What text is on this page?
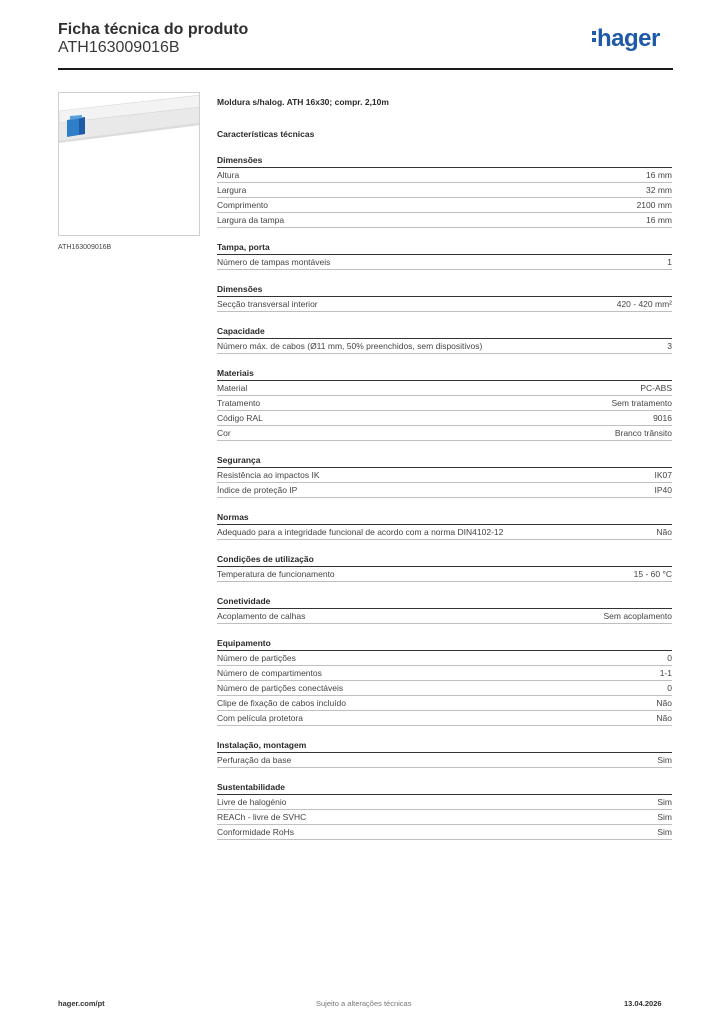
Ficha técnica do produto
ATH163009016B	hager
ATH163009016B
Moldura s/halog. ATH 16x30; compr. 2,10m
Características técnicas
Dimensões
Altura	16 mm
Largura	32 mm
Comprimento	2100 mm
Largura da tampa	16 mm
Tampa, porta
Número de tampas montáveis	1
Dimensões
Secção transversal interior	420 - 420 mm²
Capacidade
Número máx. de cabos (Ø11 mm, 50% preenchidos, sem dispositivos)	3
Materiais
Material	PC-ABS
Tratamento	Sem tratamento
Código RAL	9016
Cor	Branco trânsito
Segurança
Resistência ao impactos IK	IK07
Índice de proteção IP	IP40
Normas
Adequado para a integridade funcional de acordo com a norma DIN4102-12	Não
Condições de utilização
Temperatura de funcionamento	15 - 60 °C
Conetividade
Acoplamento de calhas	Sem acoplamento
Equipamento
Número de partições	0
Número de compartimentos	1-1
Número de partições conectáveis	0
Clipe de fixação de cabos incluído	Não
Com película protetora	Não
Instalação, montagem
Perfuração da base	Sim
Sustentabilidade
Livre de halogénio	Sim
REACh - livre de SVHC	Sim
Conformidade RoHs	Sim
hager.com/pt	Sujeito a alterações técnicas	13.04.2026
